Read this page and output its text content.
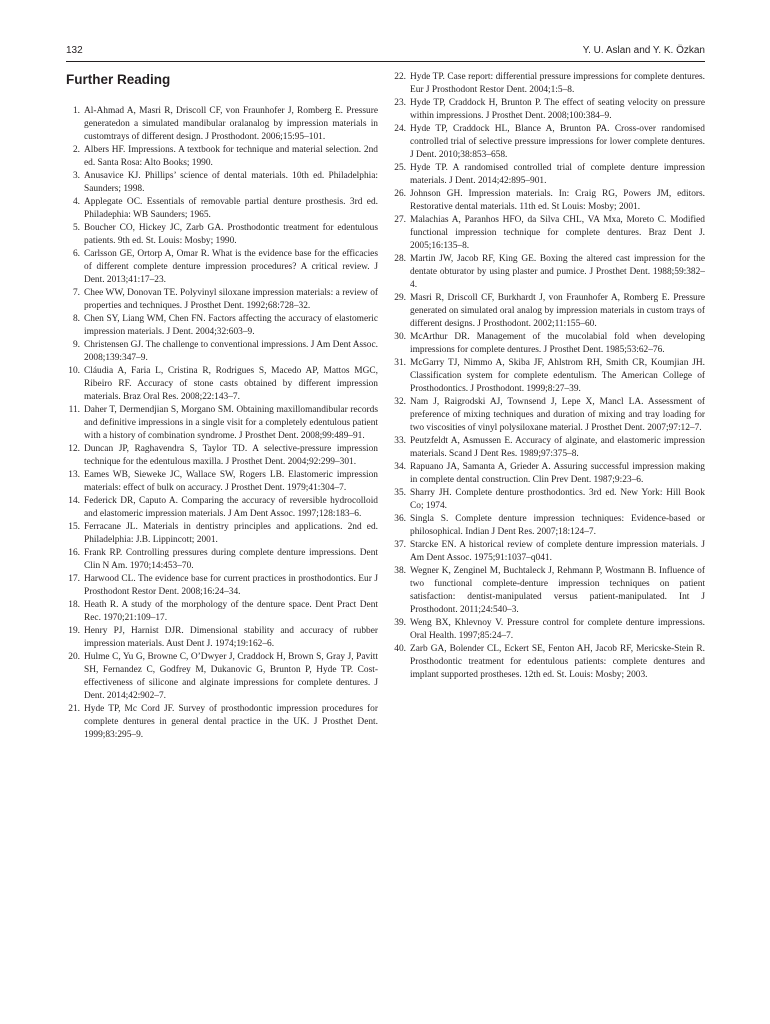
132	Y. U. Aslan and Y. K. Özkan
Further Reading
1. Al-Ahmad A, Masri R, Driscoll CF, von Fraunhofer J, Romberg E. Pressure generatedon a simulated mandibular oralanalog by impression materials in customtrays of different design. J Prosthodont. 2006;15:95–101.
2. Albers HF. Impressions. A textbook for technique and material selection. 2nd ed. Santa Rosa: Alto Books; 1990.
3. Anusavice KJ. Phillips’ science of dental materials. 10th ed. Philadelphia: Saunders; 1998.
4. Applegate OC. Essentials of removable partial denture prosthesis. 3rd ed. Philadephia: WB Saunders; 1965.
5. Boucher CO, Hickey JC, Zarb GA. Prosthodontic treatment for edentulous patients. 9th ed. St. Louis: Mosby; 1990.
6. Carlsson GE, Ortorp A, Omar R. What is the evidence base for the efficacies of different complete denture impression procedures? A critical review. J Dent. 2013;41:17–23.
7. Chee WW, Donovan TE. Polyvinyl siloxane impression materials: a review of properties and techniques. J Prosthet Dent. 1992;68:728–32.
8. Chen SY, Liang WM, Chen FN. Factors affecting the accuracy of elastomeric impression materials. J Dent. 2004;32:603–9.
9. Christensen GJ. The challenge to conventional impressions. J Am Dent Assoc. 2008;139:347–9.
10. Cláudia A, Faria L, Cristina R, Rodrigues S, Macedo AP, Mattos MGC, Ribeiro RF. Accuracy of stone casts obtained by different impression materials. Braz Oral Res. 2008;22:143–7.
11. Daher T, Dermendjian S, Morgano SM. Obtaining maxillomandibular records and definitive impressions in a single visit for a completely edentulous patient with a history of combination syndrome. J Prosthet Dent. 2008;99:489–91.
12. Duncan JP, Raghavendra S, Taylor TD. A selective-pressure impression technique for the edentulous maxilla. J Prosthet Dent. 2004;92:299–301.
13. Eames WB, Sieweke JC, Wallace SW, Rogers LB. Elastomeric impression materials: effect of bulk on accuracy. J Prosthet Dent. 1979;41:304–7.
14. Federick DR, Caputo A. Comparing the accuracy of reversible hydrocolloid and elastomeric impression materials. J Am Dent Assoc. 1997;128:183–6.
15. Ferracane JL. Materials in dentistry principles and applications. 2nd ed. Philadelphia: J.B. Lippincott; 2001.
16. Frank RP. Controlling pressures during complete denture impressions. Dent Clin N Am. 1970;14:453–70.
17. Harwood CL. The evidence base for current practices in prosthodontics. Eur J Prosthodont Restor Dent. 2008;16:24–34.
18. Heath R. A study of the morphology of the denture space. Dent Pract Dent Rec. 1970;21:109–17.
19. Henry PJ, Harnist DJR. Dimensional stability and accuracy of rubber impression materials. Aust Dent J. 1974;19:162–6.
20. Hulme C, Yu G, Browne C, O’Dwyer J, Craddock H, Brown S, Gray J, Pavitt SH, Fernandez C, Godfrey M, Dukanovic G, Brunton P, Hyde TP. Cost-effectiveness of silicone and alginate impressions for complete dentures. J Dent. 2014;42:902–7.
21. Hyde TP, Mc Cord JF. Survey of prosthodontic impression procedures for complete dentures in general dental practice in the UK. J Prosthet Dent. 1999;83:295–9.
22. Hyde TP. Case report: differential pressure impressions for complete dentures. Eur J Prosthodont Restor Dent. 2004;1:5–8.
23. Hyde TP, Craddock H, Brunton P. The effect of seating velocity on pressure within impressions. J Prosthet Dent. 2008;100:384–9.
24. Hyde TP, Craddock HL, Blance A, Brunton PA. Cross-over randomised controlled trial of selective pressure impressions for lower complete dentures. J Dent. 2010;38:853–658.
25. Hyde TP. A randomised controlled trial of complete denture impression materials. J Dent. 2014;42:895–901.
26. Johnson GH. Impression materials. In: Craig RG, Powers JM, editors. Restorative dental materials. 11th ed. St Louis: Mosby; 2001.
27. Malachias A, Paranhos HFO, da Silva CHL, VA Mxa, Moreto C. Modified functional impression technique for complete dentures. Braz Dent J. 2005;16:135–8.
28. Martin JW, Jacob RF, King GE. Boxing the altered cast impression for the dentate obturator by using plaster and pumice. J Prosthet Dent. 1988;59:382–4.
29. Masri R, Driscoll CF, Burkhardt J, von Fraunhofer A, Romberg E. Pressure generated on simulated oral analog by impression materials in custom trays of different designs. J Prosthodont. 2002;11:155–60.
30. McArthur DR. Management of the mucolabial fold when developing impressions for complete dentures. J Prosthet Dent. 1985;53:62–76.
31. McGarry TJ, Nimmo A, Skiba JF, Ahlstrom RH, Smith CR, Koumjian JH. Classification system for complete edentulism. The American College of Prosthodontics. J Prosthodont. 1999;8:27–39.
32. Nam J, Raigrodski AJ, Townsend J, Lepe X, Mancl LA. Assessment of preference of mixing techniques and duration of mixing and tray loading for two viscosities of vinyl polysiloxane material. J Prosthet Dent. 2007;97:12–7.
33. Peutzfeldt A, Asmussen E. Accuracy of alginate, and elastomeric impression materials. Scand J Dent Res. 1989;97:375–8.
34. Rapuano JA, Samanta A, Grieder A. Assuring successful impression making in complete dental construction. Clin Prev Dent. 1987;9:23–6.
35. Sharry JH. Complete denture prosthodontics. 3rd ed. New York: Hill Book Co; 1974.
36. Singla S. Complete denture impression techniques: Evidence-based or philosophical. Indian J Dent Res. 2007;18:124–7.
37. Starcke EN. A historical review of complete denture impression materials. J Am Dent Assoc. 1975;91:1037–q041.
38. Wegner K, Zenginel M, Buchtaleck J, Rehmann P, Wostmann B. Influence of two functional complete-denture impression techniques on patient satisfaction: dentist-manipulated versus patient-manipulated. Int J Prosthodont. 2011;24:540–3.
39. Weng BX, Khlevnoy V. Pressure control for complete denture impressions. Oral Health. 1997;85:24–7.
40. Zarb GA, Bolender CL, Eckert SE, Fenton AH, Jacob RF, Mericske-Stein R. Prosthodontic treatment for edentulous patients: complete dentures and implant supported prostheses. 12th ed. St. Louis: Mosby; 2003.
